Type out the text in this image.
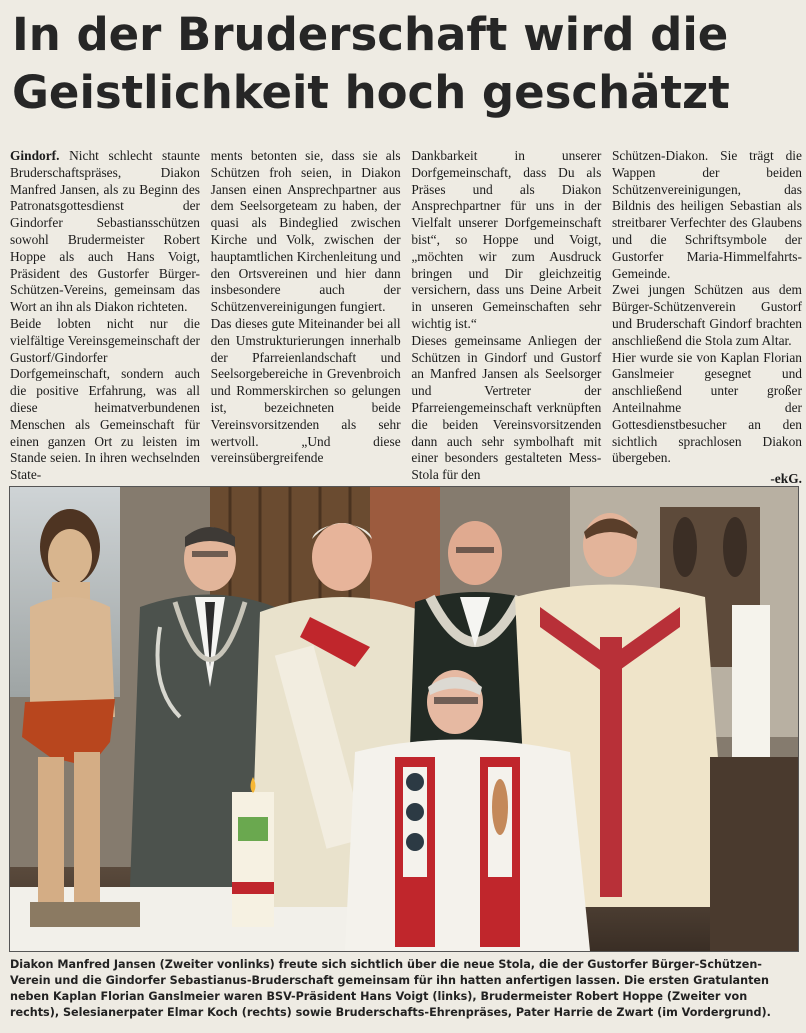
In der Bruderschaft wird die
Geistlichkeit hoch geschätzt

Gindorf. Nicht schlecht staunte Bruderschaftspräses, Diakon Manfred Jansen, als zu Beginn des Patronatsgottesdienst der Gindorfer Sebastiansschützen sowohl Brudermeister Robert Hoppe als auch Hans Voigt, Präsident des Gustorfer Bürger-Schützen-Vereins, gemeinsam das Wort an ihn als Diakon richteten.

Beide lobten nicht nur die vielfältige Vereinsgemeinschaft der Gustorf/Gindorfer Dorfgemeinschaft, sondern auch die positive Erfahrung, was all diese heimatverbundenen Menschen als Gemeinschaft für einen ganzen Ort zu leisten im Stande seien. In ihren wechselnden State-

ments betonten sie, dass sie als Schützen froh seien, in Diakon Jansen einen Ansprechpartner aus dem Seelsorgeteam zu haben, der quasi als Bindeglied zwischen Kirche und Volk, zwischen der hauptamtlichen Kirchenleitung und den Ortsvereinen und hier dann insbesondere auch der Schützenvereinigungen fungiert.

Das dieses gute Miteinander bei all den Umstrukturierungen innerhalb der Pfarreienlandschaft und Seelsorgebereiche in Grevenbroich und Rommerskirchen so gelungen ist, bezeichneten beide Vereinsvorsitzenden als sehr wertvoll. „Und diese vereinsübergreifende

Dankbarkeit in unserer Dorfgemeinschaft, dass Du als Präses und als Diakon Ansprechpartner für uns in der Vielfalt unserer Dorfgemeinschaft bist“, so Hoppe und Voigt, „möchten wir zum Ausdruck bringen und Dir gleichzeitig versichern, dass uns Deine Arbeit in unseren Gemeinschaften sehr wichtig ist.“

Dieses gemeinsame Anliegen der Schützen in Gindorf und Gustorf an Manfred Jansen als Seelsorger und Vertreter der Pfarreiengemeinschaft verknüpften die beiden Vereinsvorsitzenden dann auch sehr symbolhaft mit einer besonders gestalteten Mess-Stola für den

Schützen-Diakon. Sie trägt die Wappen der beiden Schützenvereinigungen, das Bildnis des heiligen Sebastian als streitbarer Verfechter des Glaubens und die Schriftsymbole der Gustorfer Maria-Himmelfahrts-Gemeinde.

Zwei jungen Schützen aus dem Bürger-Schützenverein Gustorf und Bruderschaft Gindorf brachten anschließend die Stola zum Altar.

Hier wurde sie von Kaplan Florian Ganslmeier gesegnet und anschließend unter großer Anteilnahme der Gottesdienstbesucher an den sichtlich sprachlosen Diakon übergeben.

-ekG.

Diakon Manfred Jansen (Zweiter vonlinks) freute sich sichtlich über die neue Stola, die der Gustorfer Bürger-Schützen-Verein und die Gindorfer Sebastianus-Bruderschaft gemeinsam für ihn hatten anfertigen lassen. Die ersten Gratulanten neben Kaplan Florian Ganslmeier waren BSV-Präsident Hans Voigt (links), Brudermeister Robert Hoppe (Zweiter von rechts), Selesianerpater Elmar Koch (rechts) sowie Bruderschafts-Ehrenpräses, Pater Harrie de Zwart (im Vordergrund).
